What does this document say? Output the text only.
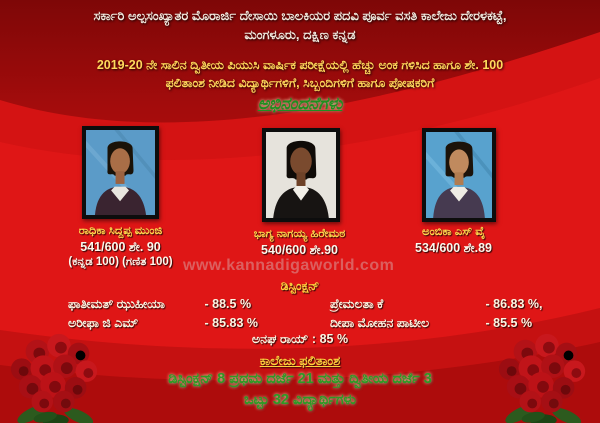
ಸರ್ಕಾರಿ ಅಲ್ಪಸಂಖ್ಯಾತರ ಮೊರಾರ್ಜಿ ದೇಸಾಯಿ ಬಾಲಕಿಯರ ಪದವಿ ಪೂರ್ವ ವಸತಿ ಕಾಲೇಜು ದೇರಳಕಟ್ಟೆ,

ಮಂಗಳೂರು, ದಕ್ಷಿಣ ಕನ್ನಡ

2019-20 ನೇ ಸಾಲಿನ ದ್ವಿತೀಯ ಪಿಯುಸಿ ವಾರ್ಷಿಕ ಪರೀಕ್ಷೆಯಲ್ಲಿ ಹೆಚ್ಚು ಅಂಕ ಗಳಿಸಿದ ಹಾಗೂ ಶೇ. 100

ಫಲಿತಾಂಶ ನೀಡಿದ ವಿದ್ಯಾರ್ಥಿಗಳಿಗೆ, ಸಿಬ್ಬಂದಿಗಳಿಗೆ ಹಾಗೂ ಪೋಷಕರಿಗೆ

ಅಭಿನಂದನೆಗಳು

ರಾಧಿಕಾ ಸಿದ್ದಪ್ಪ ಮುಂಜಿ
541/600 ಶೇ. 90
(ಕನ್ನಡ 100) (ಗಣಿತ 100)
ಭಾಗ್ಯ ನಾಗಯ್ಯ ಹಿರೇಮಠ
540/600 ಶೇ.90
ಅಂಬಿಕಾ ಎಸ್ ವೈ
534/600 ಶೇ.89

www.kannadigaworld.com

ಡಿಸ್ಟಿಂಕ್ಷನ್

ಫಾತೀಮತ್ ಝುಹೀಯಾ	- 88.5 %
ಅರೀಫಾ ಜಿ ಎಮ್	- 85.83 %
ಪ್ರೇಮಲತಾ ಕೆ	- 86.83 %,
ದೀಪಾ ಮೋಹನ ಪಾಟೀಲ	- 85.5 %

ಅನಘ ರಾಯ್ : 85 %

ಕಾಲೇಜು ಫಲಿತಾಂಶ

ಡಿಸ್ಟಿಂಕ್ಷನ್ 8 ಪ್ರಥಮ ದರ್ಜೆ 21 ಮತ್ತು ದ್ವಿತೀಯ ದರ್ಜೆ 3

ಒಟ್ಟು 32 ವಿದ್ಯಾರ್ಥಿಗಳು
